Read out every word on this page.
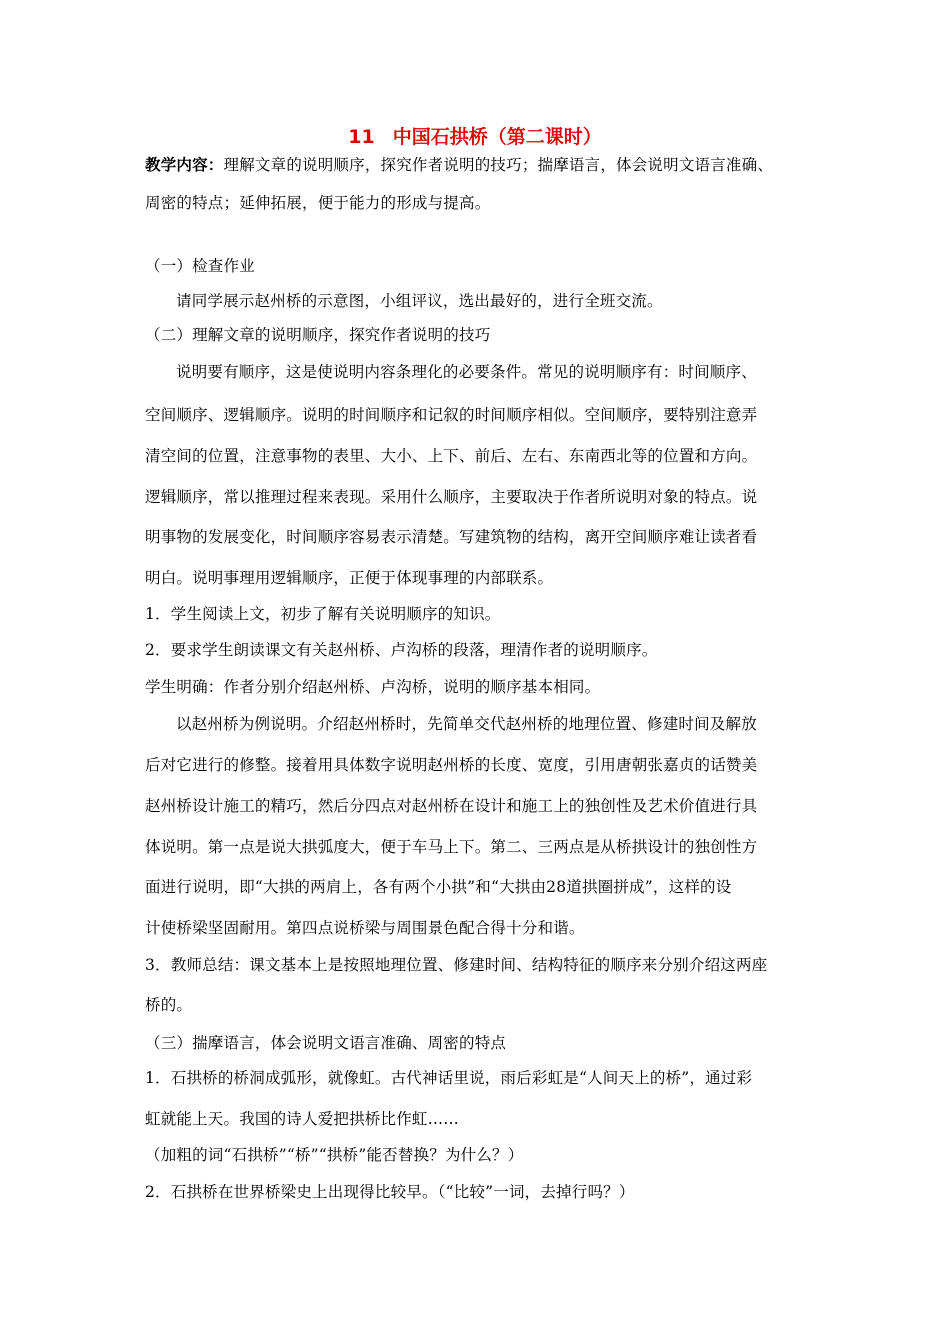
11 中国石拱桥（第二课时）
教学内容：理解文章的说明顺序，探究作者说明的技巧；揣摩语言，体会说明文语言准确、
周密的特点；延伸拓展，便于能力的形成与提高。
（一）检查作业
请同学展示赵州桥的示意图，小组评议，选出最好的，进行全班交流。
（二）理解文章的说明顺序，探究作者说明的技巧
说明要有顺序，这是使说明内容条理化的必要条件。常见的说明顺序有：时间顺序、
空间顺序、逻辑顺序。说明的时间顺序和记叙的时间顺序相似。空间顺序，要特别注意弄
清空间的位置，注意事物的表里、大小、上下、前后、左右、东南西北等的位置和方向。
逻辑顺序，常以推理过程来表现。采用什么顺序，主要取决于作者所说明对象的特点。说
明事物的发展变化，时间顺序容易表示清楚。写建筑物的结构，离开空间顺序难让读者看
明白。说明事理用逻辑顺序，正便于体现事理的内部联系。
1．学生阅读上文，初步了解有关说明顺序的知识。
2．要求学生朗读课文有关赵州桥、卢沟桥的段落，理清作者的说明顺序。
学生明确：作者分别介绍赵州桥、卢沟桥，说明的顺序基本相同。
以赵州桥为例说明。介绍赵州桥时，先简单交代赵州桥的地理位置、修建时间及解放
后对它进行的修整。接着用具体数字说明赵州桥的长度、宽度，引用唐朝张嘉贞的话赞美
赵州桥设计施工的精巧，然后分四点对赵州桥在设计和施工上的独创性及艺术价值进行具
体说明。第一点是说大拱弧度大，便于车马上下。第二、三两点是从桥拱设计的独创性方
面进行说明，即“大拱的两肩上，各有两个小拱”和“大拱由28道拱圈拼成”，这样的设
计使桥梁坚固耐用。第四点说桥梁与周围景色配合得十分和谐。
3．教师总结：课文基本上是按照地理位置、修建时间、结构特征的顺序来分别介绍这两座
桥的。
（三）揣摩语言，体会说明文语言准确、周密的特点
1．石拱桥的桥洞成弧形，就像虹。古代神话里说，雨后彩虹是“人间天上的桥”，通过彩
虹就能上天。我国的诗人爱把拱桥比作虹……
（加粗的词“石拱桥”“桥”“拱桥”能否替换？为什么？）
2．石拱桥在世界桥梁史上出现得比较早。（“比较”一词，去掉行吗？）
